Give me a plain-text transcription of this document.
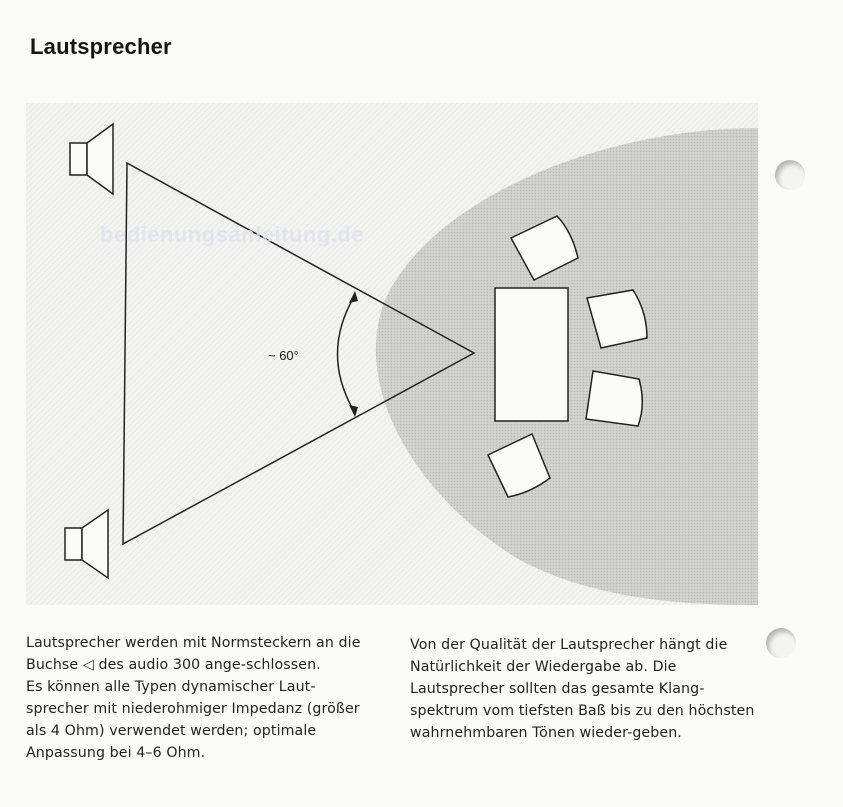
Lautsprecher
~ 60°
bedienungsanleitung.de

Lautsprecher werden mit Normsteckern an die Buchse ◁ des audio 300 ange-schlossen.

Es können alle Typen dynamischer Laut-sprecher mit niederohmiger Impedanz (größer als 4 Ohm) verwendet werden; optimale Anpassung bei 4–6 Ohm.

Von der Qualität der Lautsprecher hängt die Natürlichkeit der Wiedergabe ab. Die Lautsprecher sollten das gesamte Klang-spektrum vom tiefsten Baß bis zu den höchsten wahrnehmbaren Tönen wieder-geben.
